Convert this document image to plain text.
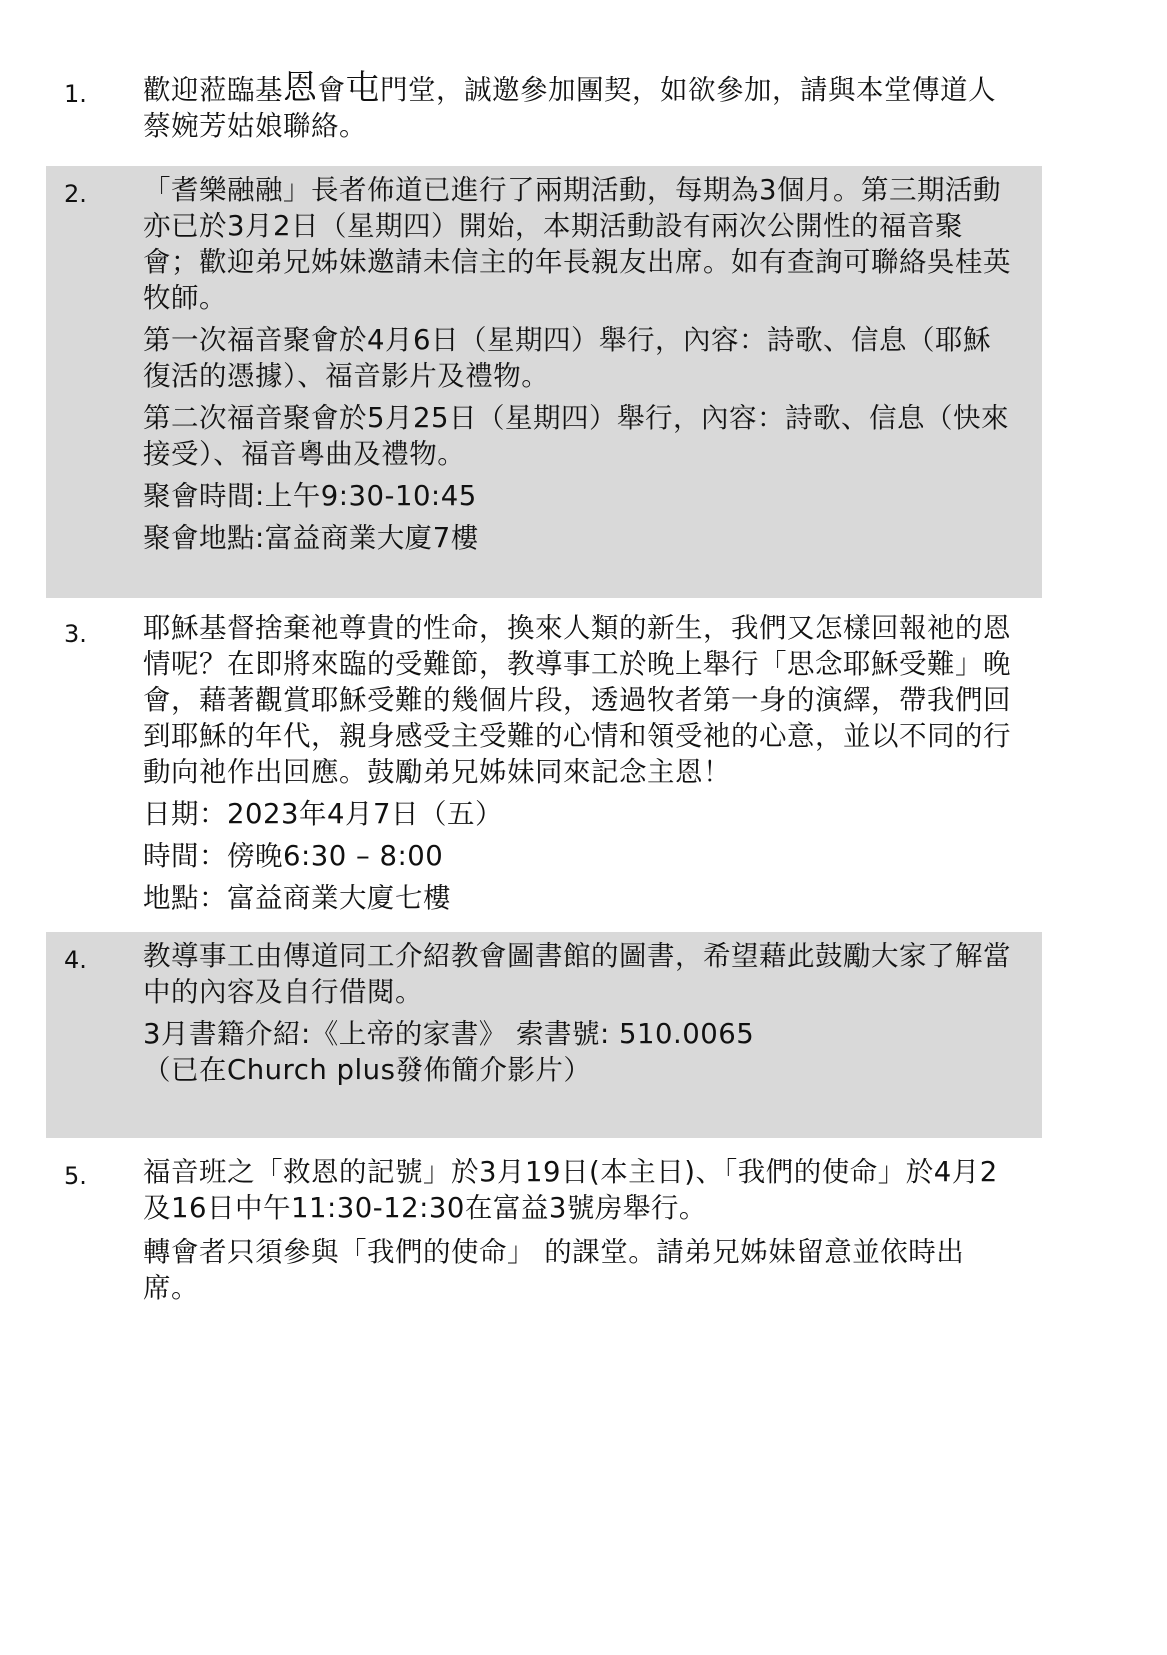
1. 歡迎蒞臨基恩會屯門堂，誠邀參加團契，如欲參加，請與本堂傳道人蔡婉芳姑娘聯絡。

2. 「耆樂融融」長者佈道已進行了兩期活動，每期為3個月。第三期活動亦已於3月2日（星期四）開始，本期活動設有兩次公開性的福音聚會；歡迎弟兄姊妹邀請未信主的年長親友出席。如有查詢可聯絡吳桂英牧師。

第一次福音聚會於4月6日（星期四）舉行，內容：詩歌、信息（耶穌復活的憑據）、福音影片及禮物。

第二次福音聚會於5月25日（星期四）舉行，內容：詩歌、信息（快來接受）、福音粵曲及禮物。

聚會時間:上午9:30-10:45

聚會地點:富益商業大廈7樓

3. 耶穌基督捨棄祂尊貴的性命，換來人類的新生，我們又怎樣回報祂的恩情呢？在即將來臨的受難節，教導事工於晚上舉行「思念耶穌受難」晚會，藉著觀賞耶穌受難的幾個片段，透過牧者第一身的演繹，帶我們回到耶穌的年代，親身感受主受難的心情和領受祂的心意，並以不同的行動向祂作出回應。鼓勵弟兄姊妹同來記念主恩！

日期：2023年4月7日（五）

時間：傍晚6:30 – 8:00

地點：富益商業大廈七樓

4. 教導事工由傳道同工介紹教會圖書館的圖書，希望藉此鼓勵大家了解當中的內容及自行借閱。

3月書籍介紹:《上帝的家書》 索書號: 510.0065

（已在Church plus發佈簡介影片）

5. 福音班之「救恩的記號」於3月19日(本主日)、「我們的使命」於4月2及16日中午11:30-12:30在富益3號房舉行。

轉會者只須參與「我們的使命」 的課堂。請弟兄姊妹留意並依時出席。
